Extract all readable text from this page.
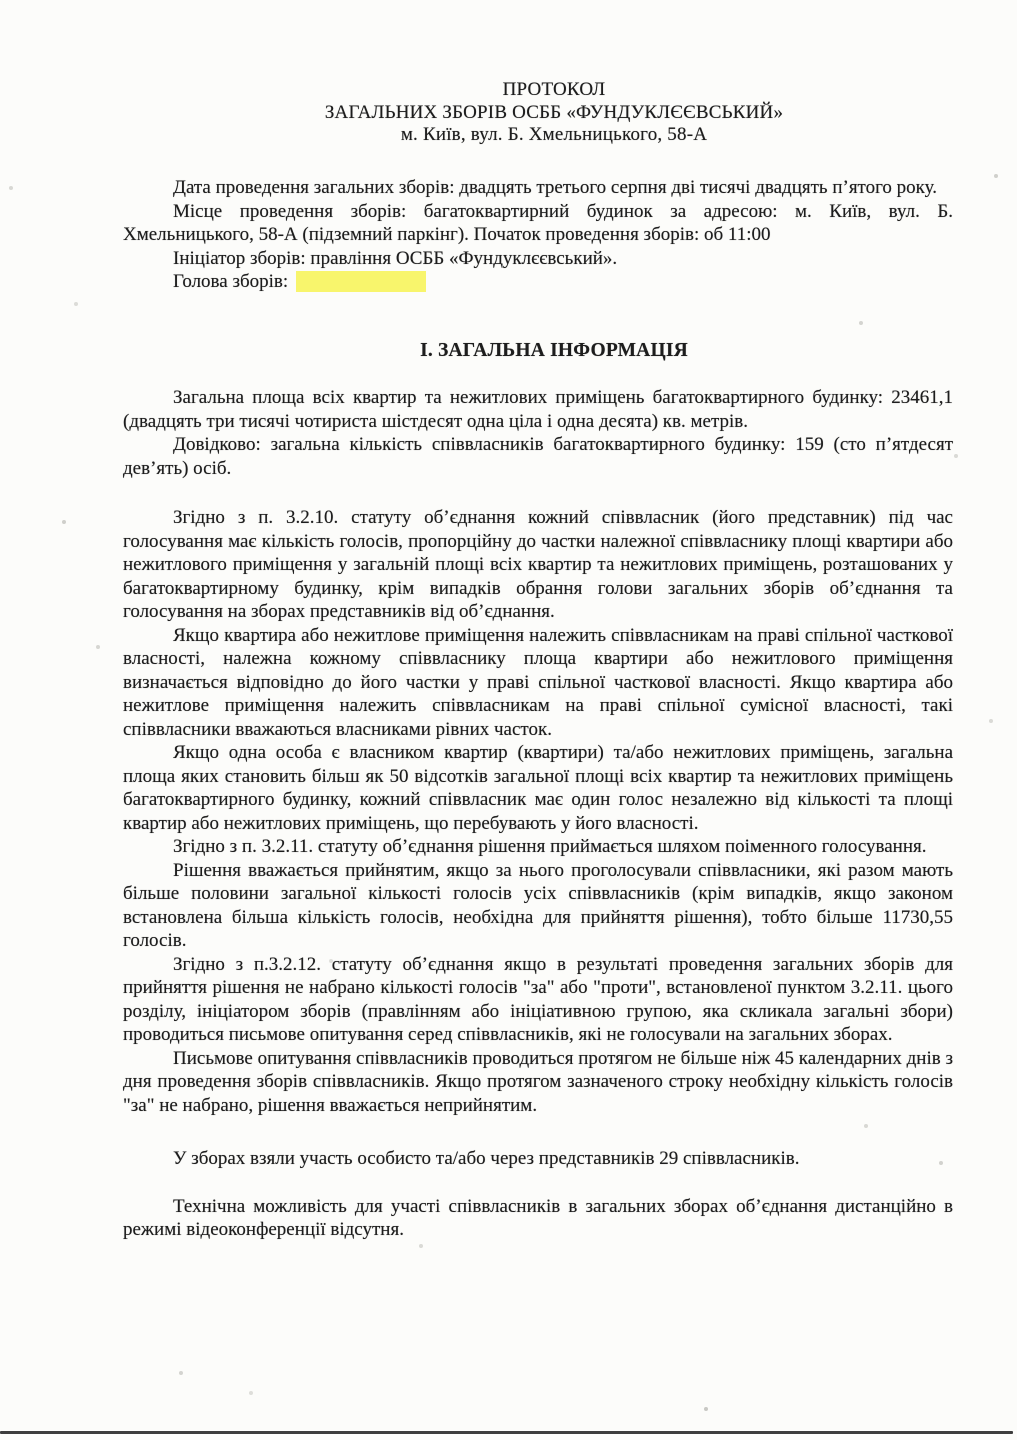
ПРОТОКОЛ
ЗАГАЛЬНИХ ЗБОРІВ ОСББ «ФУНДУКЛЄЄВСЬКИЙ»
м. Київ, вул. Б. Хмельницького, 58-А

Дата проведення загальних зборів: двадцять третього серпня дві тисячі двадцять п’ятого року.

Місце проведення зборів: багатоквартирний будинок за адресою: м. Київ, вул. Б. Хмельницького, 58-А (підземний паркінг). Початок проведення зборів: об 11:00

Ініціатор зборів: правління ОСББ «Фундуклєєвський».

Голова зборів:

І. ЗАГАЛЬНА ІНФОРМАЦІЯ

Загальна площа всіх квартир та нежитлових приміщень багатоквартирного будинку: 23461,1 (двадцять три тисячі чотириста шістдесят одна ціла і одна десята) кв. метрів.

Довідково: загальна кількість співвласників багатоквартирного будинку: 159 (сто п’ятдесят дев’ять) осіб.

Згідно з п. 3.2.10. статуту об’єднання кожний співвласник (його представник) під час голосування має кількість голосів, пропорційну до частки належної співвласнику площі квартири або нежитлового приміщення у загальній площі всіх квартир та нежитлових приміщень, розташованих у багатоквартирному будинку, крім випадків обрання голови загальних зборів об’єднання та голосування на зборах представників від об’єднання.

Якщо квартира або нежитлове приміщення належить співвласникам на праві спільної часткової власності, належна кожному співвласнику площа квартири або нежитлового приміщення визначається відповідно до його частки у праві спільної часткової власності. Якщо квартира або нежитлове приміщення належить співвласникам на праві спільної сумісної власності, такі співвласники вважаються власниками рівних часток.

Якщо одна особа є власником квартир (квартири) та/або нежитлових приміщень, загальна площа яких становить більш як 50 відсотків загальної площі всіх квартир та нежитлових приміщень багатоквартирного будинку, кожний співвласник має один голос незалежно від кількості та площі квартир або нежитлових приміщень, що перебувають у його власності.

Згідно з п. 3.2.11. статуту об’єднання рішення приймається шляхом поіменного голосування.

Рішення вважається прийнятим, якщо за нього проголосували співвласники, які разом мають більше половини загальної кількості голосів усіх співвласників (крім випадків, якщо законом встановлена більша кількість голосів, необхідна для прийняття рішення), тобто більше 11730,55 голосів.

Згідно з п.3.2.12. статуту об’єднання якщо в результаті проведення загальних зборів для прийняття рішення не набрано кількості голосів "за" або "проти", встановленої пунктом 3.2.11. цього розділу, ініціатором зборів (правлінням або ініціативною групою, яка скликала загальні збори) проводиться письмове опитування серед співвласників, які не голосували на загальних зборах.

Письмове опитування співвласників проводиться протягом не більше ніж 45 календарних днів з дня проведення зборів співвласників. Якщо протягом зазначеного строку необхідну кількість голосів "за" не набрано, рішення вважається неприйнятим.

У зборах взяли участь особисто та/або через представників 29 співвласників.

Технічна можливість для участі співвласників в загальних зборах об’єднання дистанційно в режимі відеоконференції відсутня.
